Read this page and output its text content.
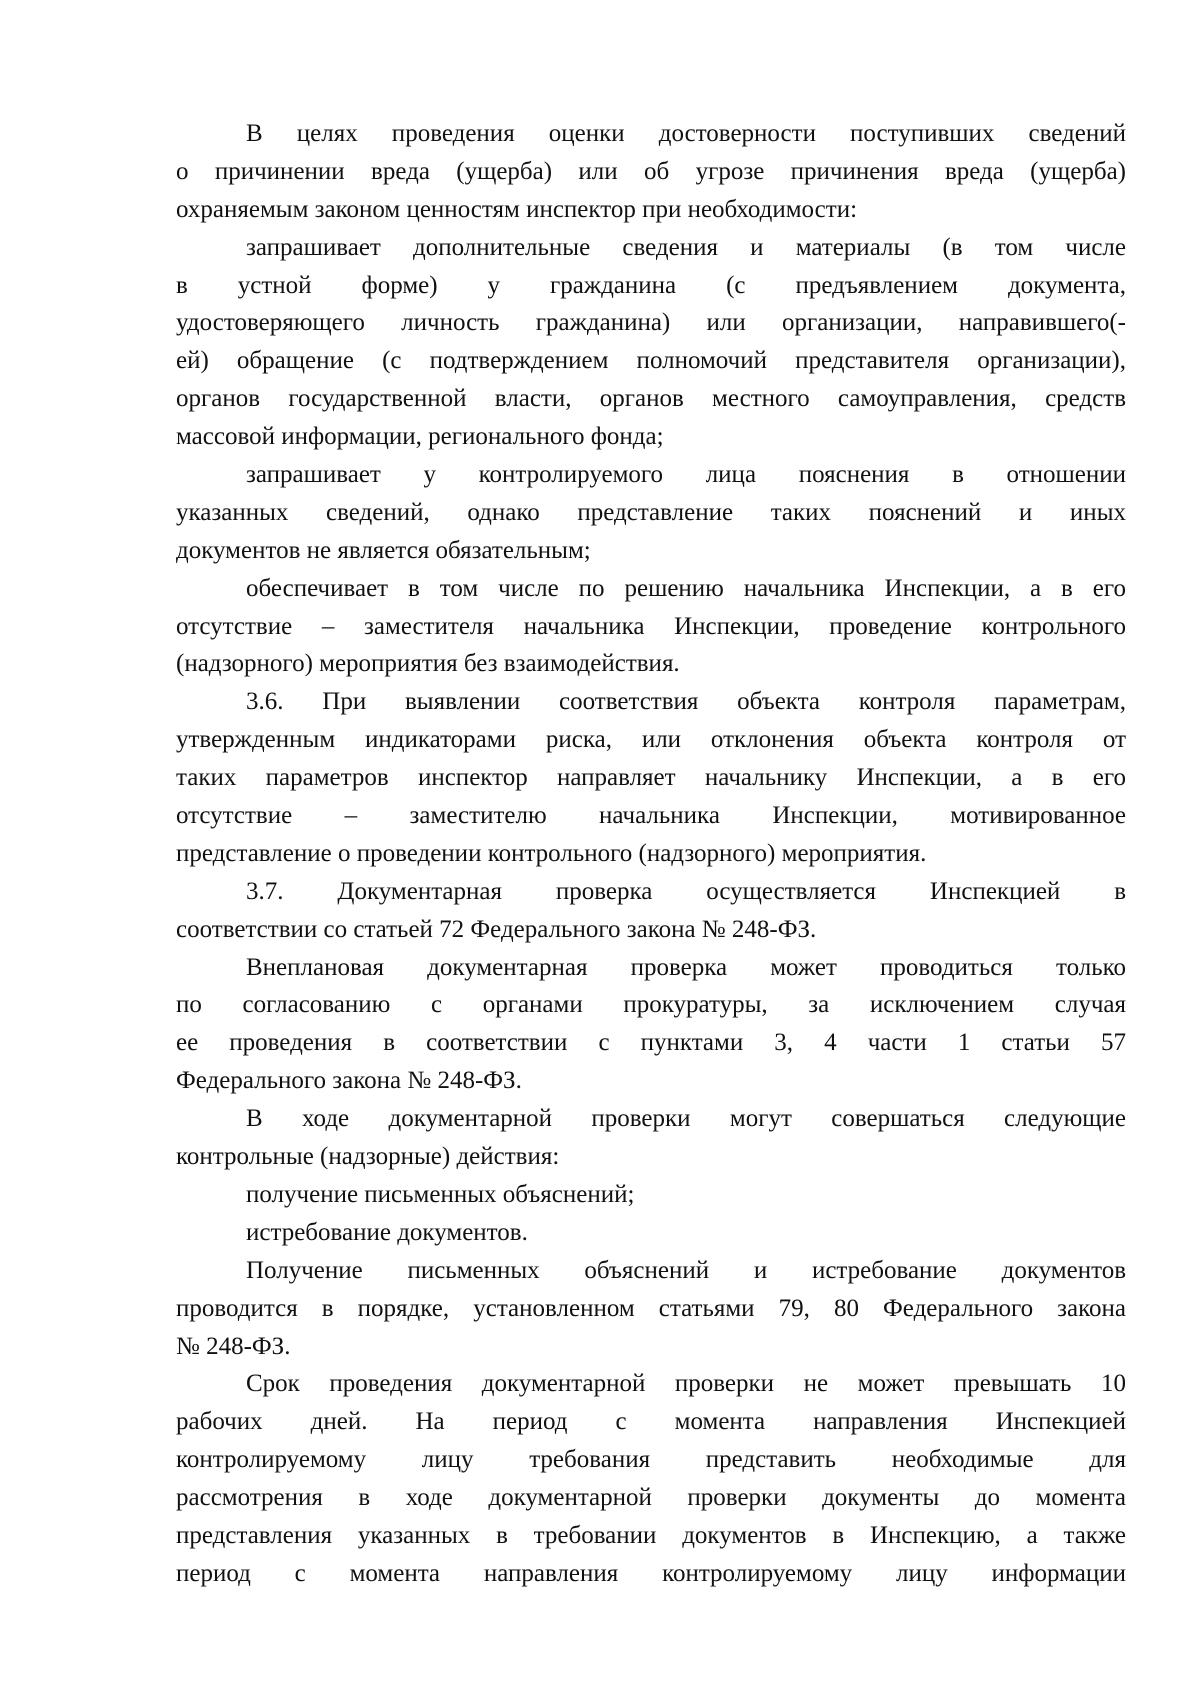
В целях проведения оценки достоверности поступивших сведений
о причинении вреда (ущерба) или об угрозе причинения вреда (ущерба)
охраняемым законом ценностям инспектор при необходимости:
запрашивает дополнительные сведения и материалы (в том числе
в устной форме) у гражданина (с предъявлением документа,
удостоверяющего личность гражданина) или организации, направившего(-
ей) обращение (с подтверждением полномочий представителя организации),
органов государственной власти, органов местного самоуправления, средств
массовой информации, регионального фонда;
запрашивает у контролируемого лица пояснения в отношении
указанных сведений, однако представление таких пояснений и иных
документов не является обязательным;
обеспечивает в том числе по решению начальника Инспекции, а в его
отсутствие – заместителя начальника Инспекции, проведение контрольного
(надзорного) мероприятия без взаимодействия.
3.6. При выявлении соответствия объекта контроля параметрам,
утвержденным индикаторами риска, или отклонения объекта контроля от
таких параметров инспектор направляет начальнику Инспекции, а в его
отсутствие – заместителю начальника Инспекции, мотивированное
представление о проведении контрольного (надзорного) мероприятия.
3.7. Документарная проверка осуществляется Инспекцией в
соответствии со статьей 72 Федерального закона № 248-ФЗ.
Внеплановая документарная проверка может проводиться только
по согласованию с органами прокуратуры, за исключением случая
ее проведения в соответствии с пунктами 3, 4 части 1 статьи 57
Федерального закона № 248-ФЗ.
В ходе документарной проверки могут совершаться следующие
контрольные (надзорные) действия:
получение письменных объяснений;
истребование документов.
Получение письменных объяснений и истребование документов
проводится в порядке, установленном статьями 79, 80 Федерального закона
№ 248-ФЗ.
Срок проведения документарной проверки не может превышать 10
рабочих дней. На период с момента направления Инспекцией
контролируемому лицу требования представить необходимые для
рассмотрения в ходе документарной проверки документы до момента
представления указанных в требовании документов в Инспекцию, а также
период с момента направления контролируемому лицу информации
